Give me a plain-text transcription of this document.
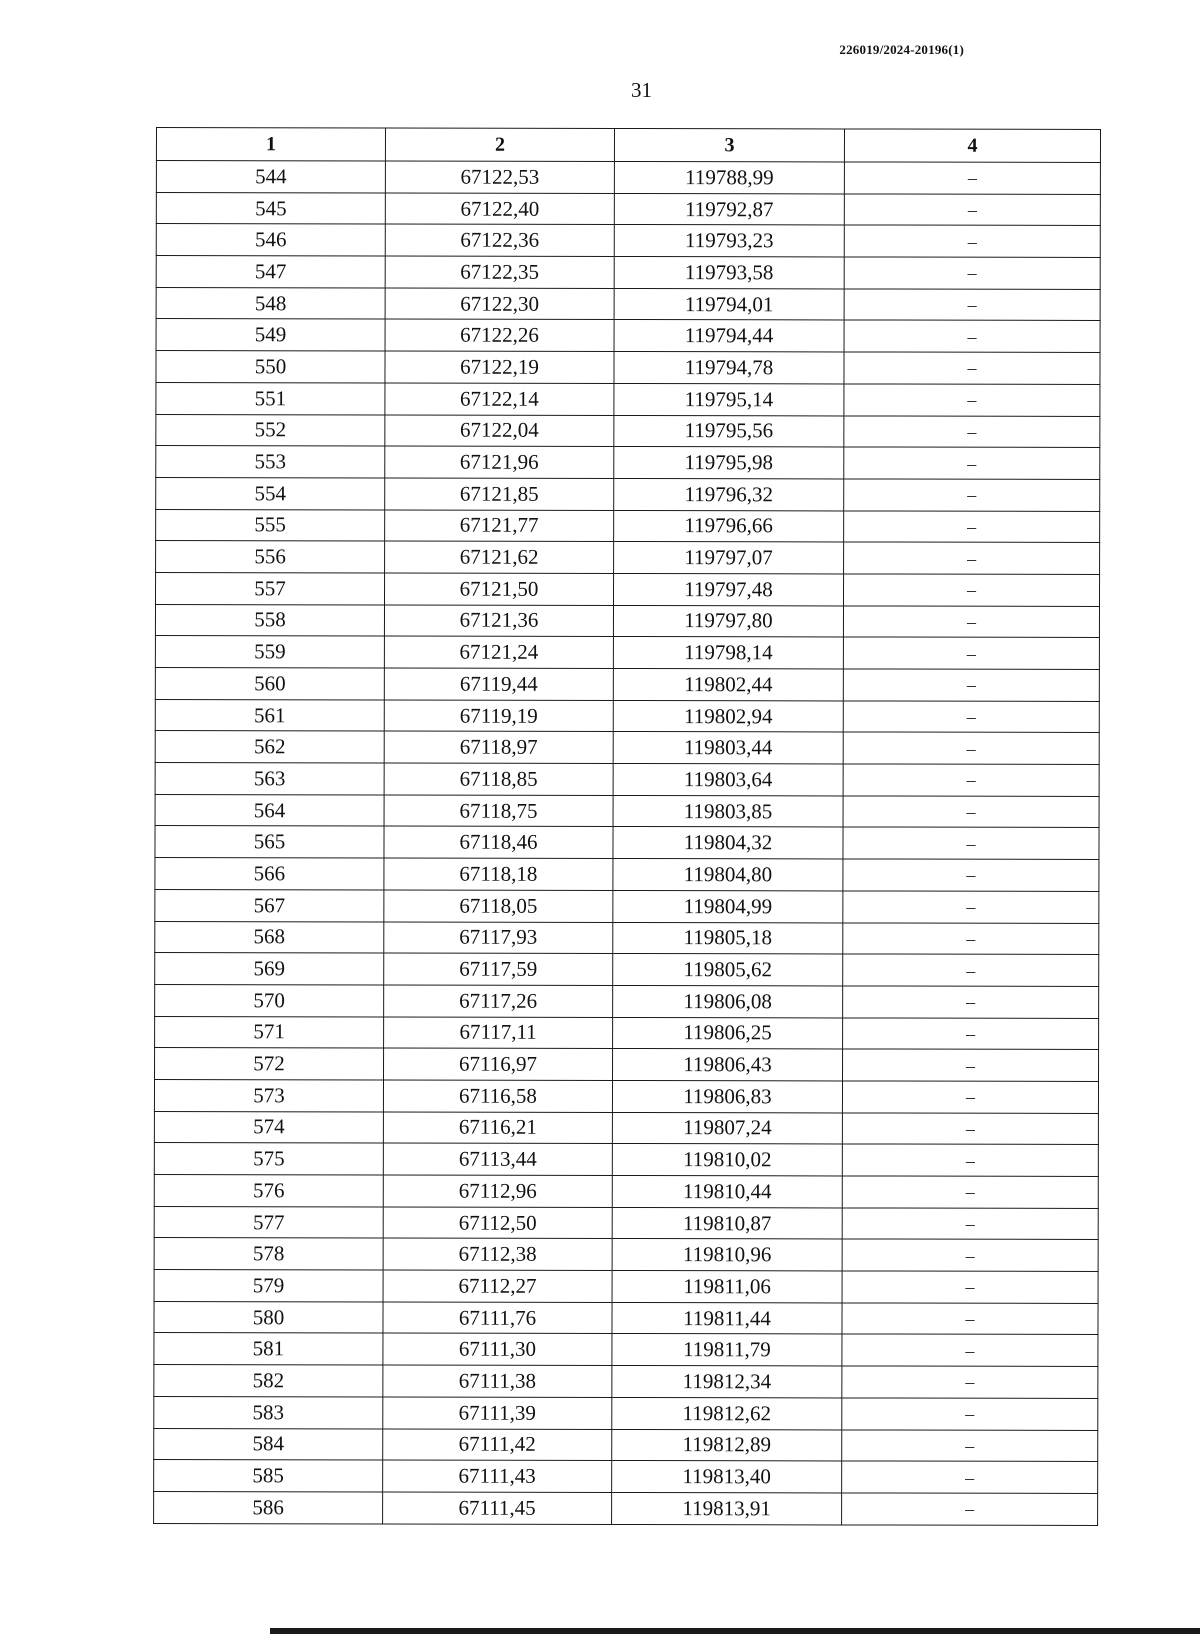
226019/2024-20196(1)
31
1	2	3	4
544	67122,53	119788,99	–
545	67122,40	119792,87	–
546	67122,36	119793,23	–
547	67122,35	119793,58	–
548	67122,30	119794,01	–
549	67122,26	119794,44	–
550	67122,19	119794,78	–
551	67122,14	119795,14	–
552	67122,04	119795,56	–
553	67121,96	119795,98	–
554	67121,85	119796,32	–
555	67121,77	119796,66	–
556	67121,62	119797,07	–
557	67121,50	119797,48	–
558	67121,36	119797,80	–
559	67121,24	119798,14	–
560	67119,44	119802,44	–
561	67119,19	119802,94	–
562	67118,97	119803,44	–
563	67118,85	119803,64	–
564	67118,75	119803,85	–
565	67118,46	119804,32	–
566	67118,18	119804,80	–
567	67118,05	119804,99	–
568	67117,93	119805,18	–
569	67117,59	119805,62	–
570	67117,26	119806,08	–
571	67117,11	119806,25	–
572	67116,97	119806,43	–
573	67116,58	119806,83	–
574	67116,21	119807,24	–
575	67113,44	119810,02	–
576	67112,96	119810,44	–
577	67112,50	119810,87	–
578	67112,38	119810,96	–
579	67112,27	119811,06	–
580	67111,76	119811,44	–
581	67111,30	119811,79	–
582	67111,38	119812,34	–
583	67111,39	119812,62	–
584	67111,42	119812,89	–
585	67111,43	119813,40	–
586	67111,45	119813,91	–
